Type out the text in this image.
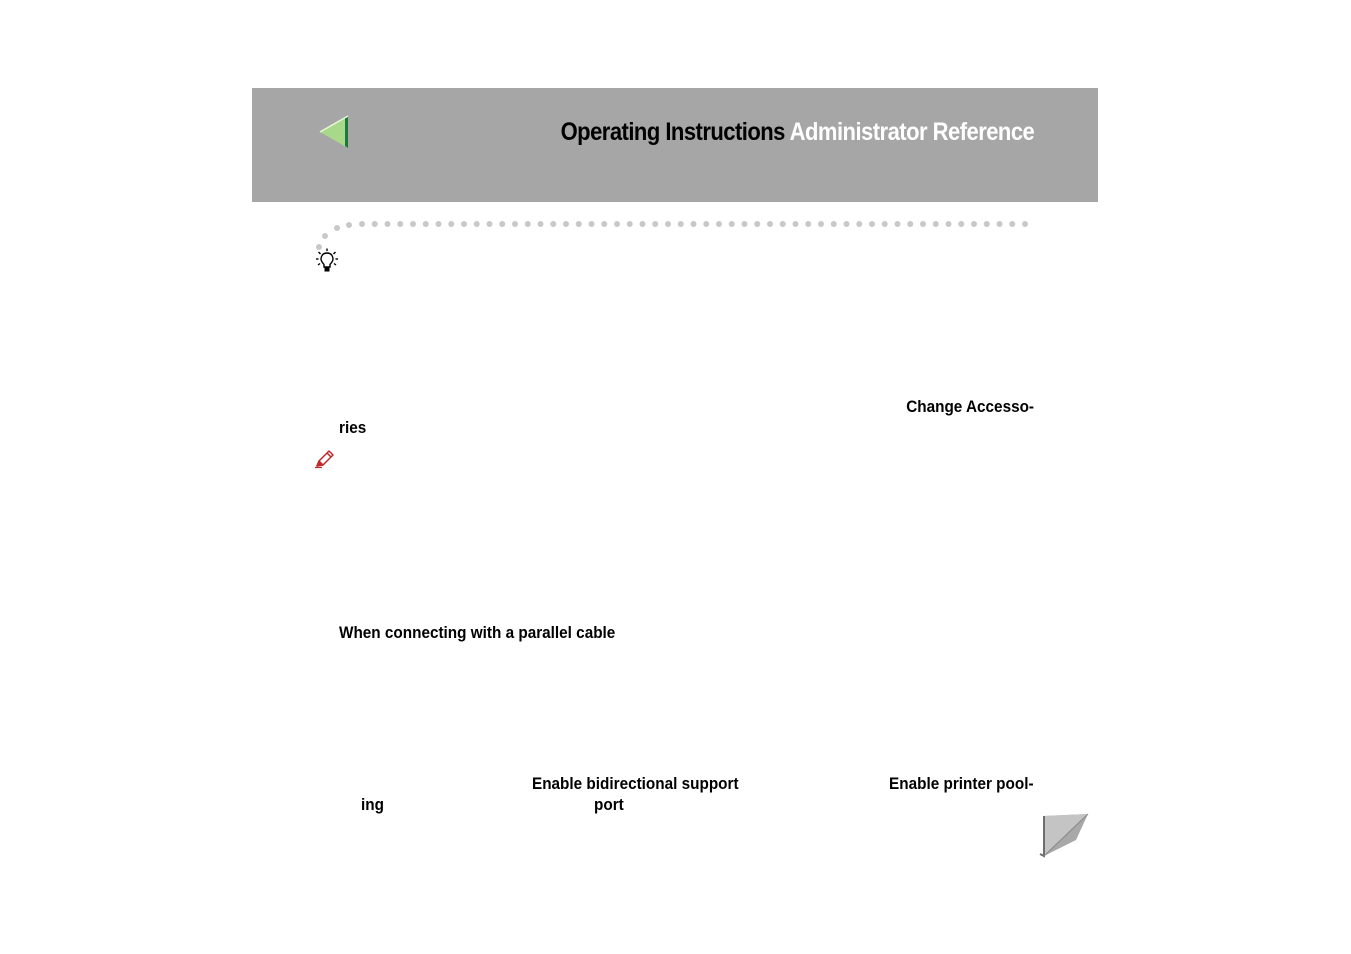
Operating Instructions Administrator Reference
Change Accesso-
ries
When connecting with a parallel cable
Enable bidirectional support	Enable printer pool-
ing	port
